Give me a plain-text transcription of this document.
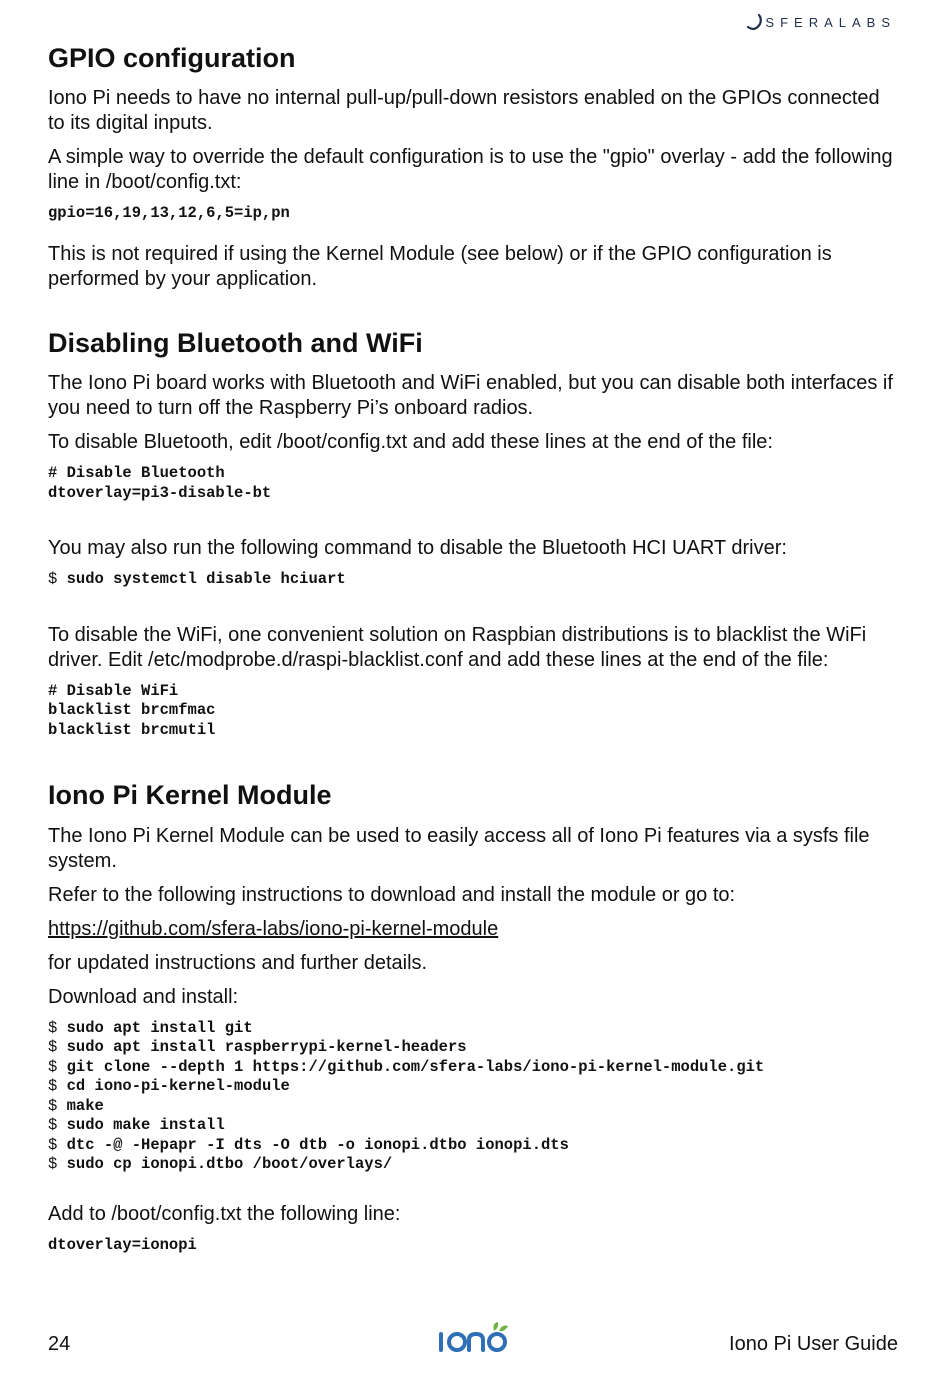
SFERALABS
GPIO configuration

Iono Pi needs to have no internal pull-up/pull-down resistors enabled on the GPIOs connected to its digital inputs.

A simple way to override the default configuration is to use the "gpio" overlay - add the following line in /boot/config.txt:

gpio=16,19,13,12,6,5=ip,pn

This is not required if using the Kernel Module (see below) or if the GPIO configuration is performed by your application.

Disabling Bluetooth and WiFi

The Iono Pi board works with Bluetooth and WiFi enabled, but you can disable both interfaces if you need to turn off the Raspberry Pi’s onboard radios.

To disable Bluetooth, edit /boot/config.txt and add these lines at the end of the file:

# Disable Bluetooth
dtoverlay=pi3-disable-bt

You may also run the following command to disable the Bluetooth HCI UART driver:

$ sudo systemctl disable hciuart

To disable the WiFi, one convenient solution on Raspbian distributions is to blacklist the WiFi driver. Edit /etc/modprobe.d/raspi-blacklist.conf and add these lines at the end of the file:

# Disable WiFi
blacklist brcmfmac
blacklist brcmutil
Iono Pi Kernel Module

The Iono Pi Kernel Module can be used to easily access all of Iono Pi features via a sysfs file system.

Refer to the following instructions to download and install the module or go to:

https://github.com/sfera-labs/iono-pi-kernel-module

for updated instructions and further details.

Download and install:

$ sudo apt install git
$ sudo apt install raspberrypi-kernel-headers
$ git clone --depth 1 https://github.com/sfera-labs/iono-pi-kernel-module.git
$ cd iono-pi-kernel-module
$ make
$ sudo make install
$ dtc -@ -Hepapr -I dts -O dtb -o ionopi.dtbo ionopi.dts
$ sudo cp ionopi.dtbo /boot/overlays/

Add to /boot/config.txt the following line:

dtoverlay=ionopi
24	Iono Pi User Guide
